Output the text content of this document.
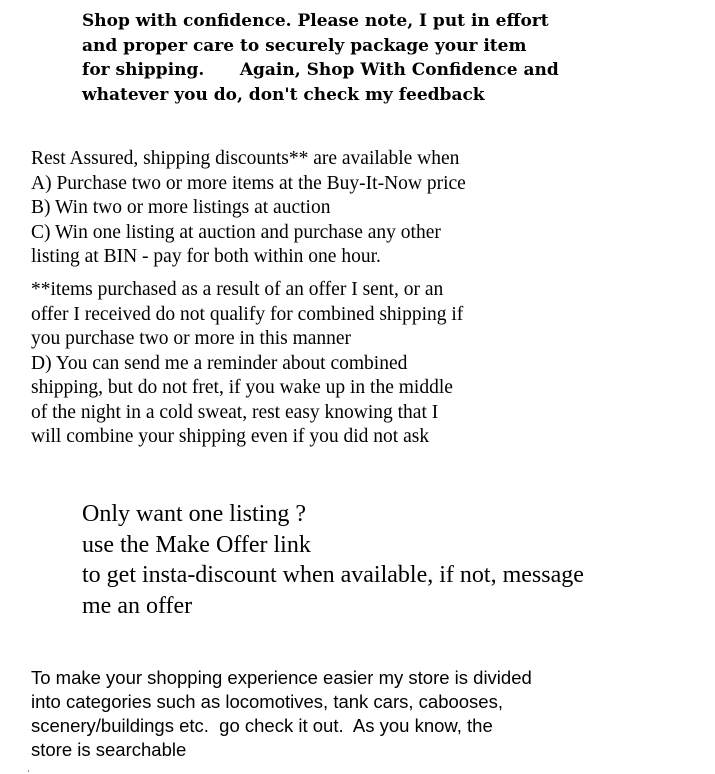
Shop with confidence. Please note, I put in effort
and proper care to securely package your item
for shipping.      Again, Shop With Confidence and
whatever you do, don't check my feedback
Rest Assured, shipping discounts** are available when
A) Purchase two or more items at the Buy-It-Now price
B) Win two or more listings at auction
C) Win one listing at auction and purchase any other
listing at BIN - pay for both within one hour.
**items purchased as a result of an offer I sent, or an
offer I received do not qualify for combined shipping if
you purchase two or more in this manner
D) You can send me a reminder about combined
shipping, but do not fret, if you wake up in the middle
of the night in a cold sweat, rest easy knowing that I
will combine your shipping even if you did not ask
Only want one listing ?
use the Make Offer link
to get insta-discount when available, if not, message
me an offer
To make your shopping experience easier my store is divided
into categories such as locomotives, tank cars, cabooses,
scenery/buildings etc.  go check it out.  As you know, the
store is searchable
